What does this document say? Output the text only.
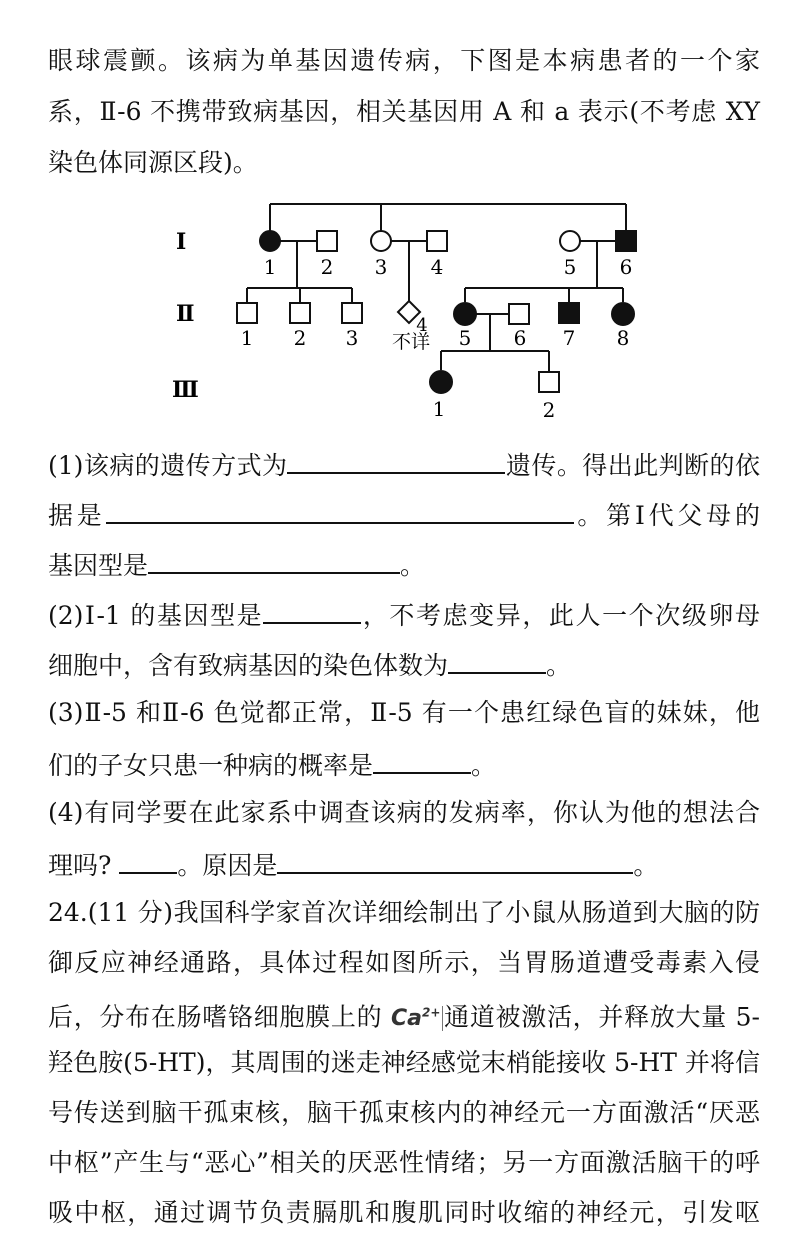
眼球震颤。该病为单基因遗传病，下图是本病患者的一个家
系，Ⅱ-6 不携带致病基因，相关基因用 A 和 a 表示(不考虑 XY
染色体同源区段)。
Ⅰ
Ⅱ
Ⅲ
1 2 3 4	5 6
1 2 3
4
不详 5 6 7 8
1	2
(1)该病的遗传方式为	遗传。得出此判断的依
据是	。第Ⅰ代父母的
基因型是	。
(2)Ⅰ-1 的基因型是	，不考虑变异，此人一个次级卵母
细胞中，含有致病基因的染色体数为	。
(3)Ⅱ-5 和Ⅱ-6 色觉都正常，Ⅱ-5 有一个患红绿色盲的妹妹，他
们的子女只患一种病的概率是	。
(4)有同学要在此家系中调查该病的发病率，你认为他的想法合
理吗?	。原因是	。
24.(11 分)我国科学家首次详细绘制出了小鼠从肠道到大脑的防
御反应神经通路，具体过程如图所示，当胃肠道遭受毒素入侵
后，分布在肠嗜铬细胞膜上的 $Ca^{2+}$ 通道被激活，并释放大量 5-
羟色胺(5-HT)，其周围的迷走神经感觉末梢能接收 5-HT 并将信
号传送到脑干孤束核，脑干孤束核内的神经元一方面激活“厌恶
中枢”产生与“恶心”相关的厌恶性情绪；另一方面激活脑干的呼
吸中枢，通过调节负责膈肌和腹肌同时收缩的神经元，引发呕
